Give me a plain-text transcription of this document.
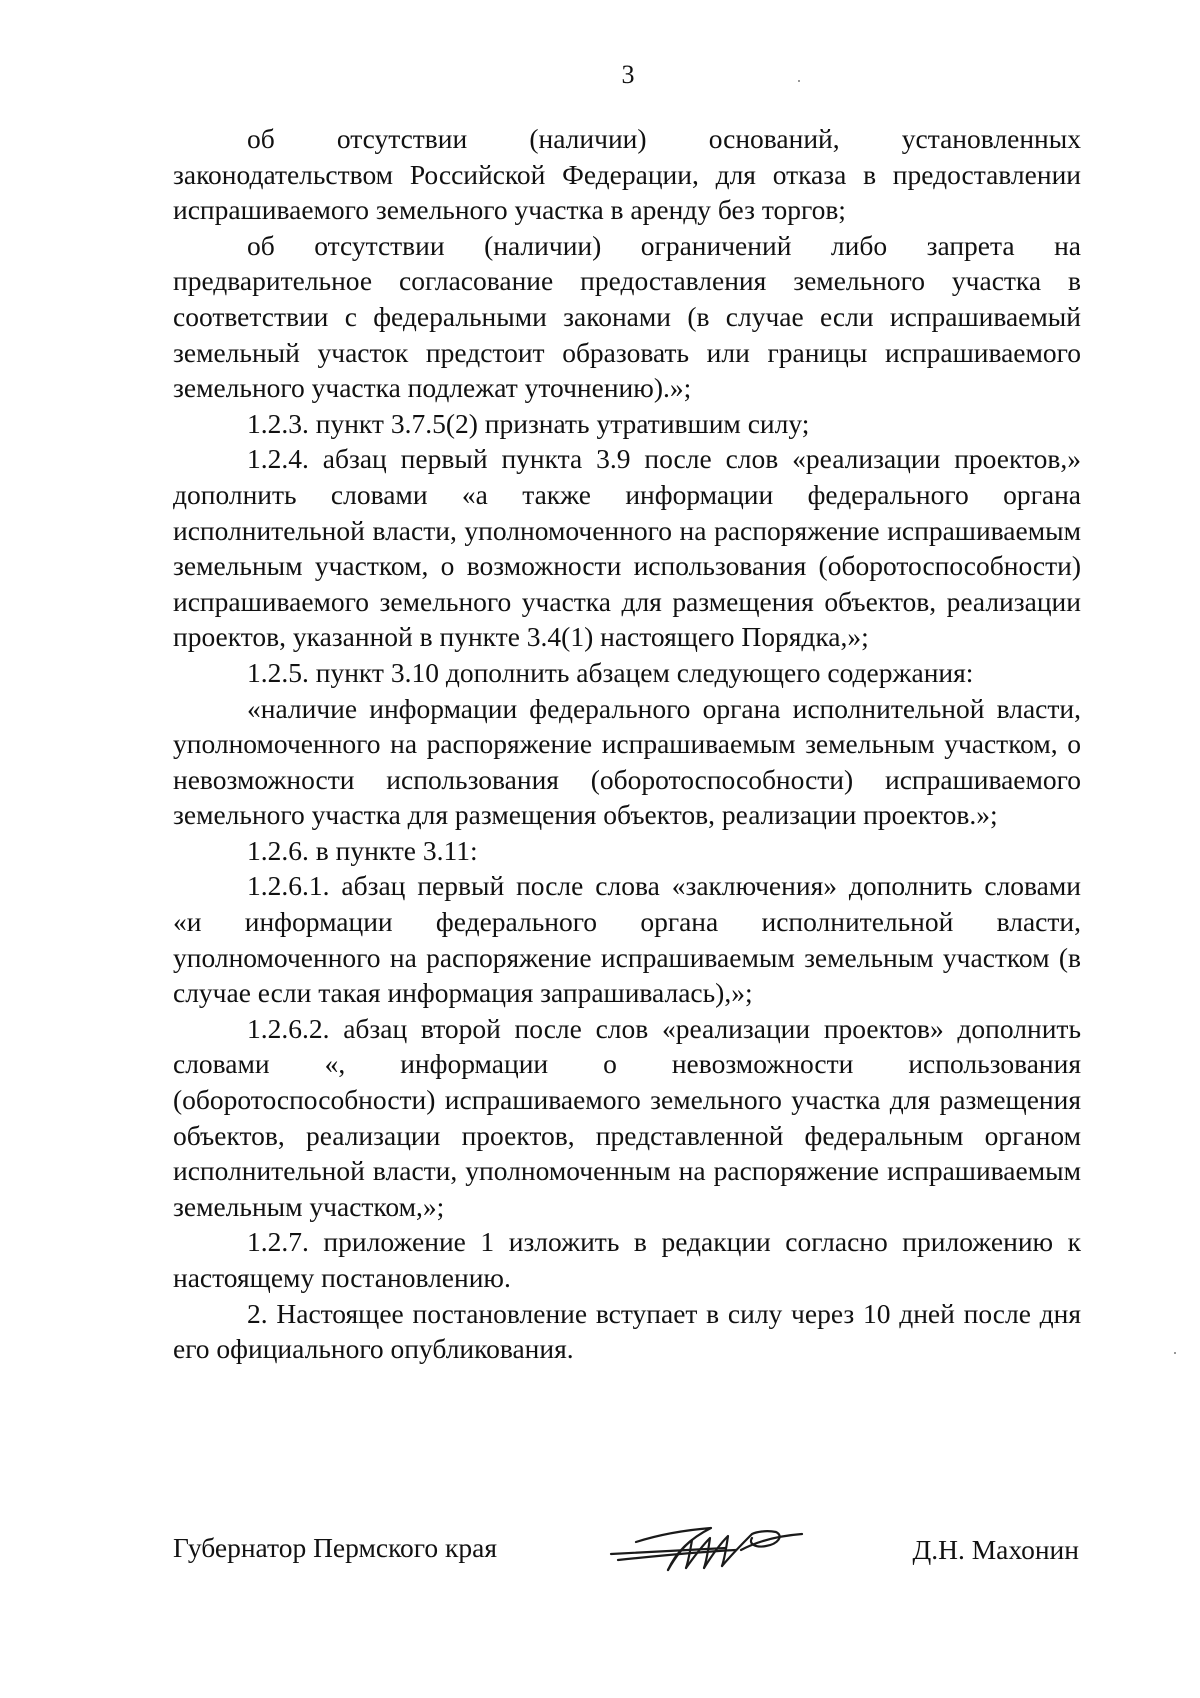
3

об отсутствии (наличии) оснований, установленных законодательством Российской Федерации, для отказа в предоставлении испрашиваемого земельного участка в аренду без торгов;

об отсутствии (наличии) ограничений либо запрета на предварительное согласование предоставления земельного участка в соответствии с федеральными законами (в случае если испрашиваемый земельный участок предстоит образовать или границы испрашиваемого земельного участка подлежат уточнению).»;

1.2.3. пункт 3.7.5(2) признать утратившим силу;

1.2.4. абзац первый пункта 3.9 после слов «реализации проектов,» дополнить словами «а также информации федерального органа исполнительной власти, уполномоченного на распоряжение испрашиваемым земельным участком, о возможности использования (оборотоспособности) испрашиваемого земельного участка для размещения объектов, реализации проектов, указанной в пункте 3.4(1) настоящего Порядка,»;

1.2.5. пункт 3.10 дополнить абзацем следующего содержания:

«наличие информации федерального органа исполнительной власти, уполномоченного на распоряжение испрашиваемым земельным участком, о невозможности использования (оборотоспособности) испрашиваемого земельного участка для размещения объектов, реализации проектов.»;

1.2.6. в пункте 3.11:

1.2.6.1. абзац первый после слова «заключения» дополнить словами «и информации федерального органа исполнительной власти, уполномоченного на распоряжение испрашиваемым земельным участком (в случае если такая информация запрашивалась),»;

1.2.6.2. абзац второй после слов «реализации проектов» дополнить словами «, информации о невозможности использования (оборотоспособности) испрашиваемого земельного участка для размещения объектов, реализации проектов, представленной федеральным органом исполнительной власти, уполномоченным на распоряжение испрашиваемым земельным участком,»;

1.2.7. приложение 1 изложить в редакции согласно приложению к настоящему постановлению.

2. Настоящее постановление вступает в силу через 10 дней после дня его официального опубликования.

Губернатор Пермского края	Д.Н. Махонин
